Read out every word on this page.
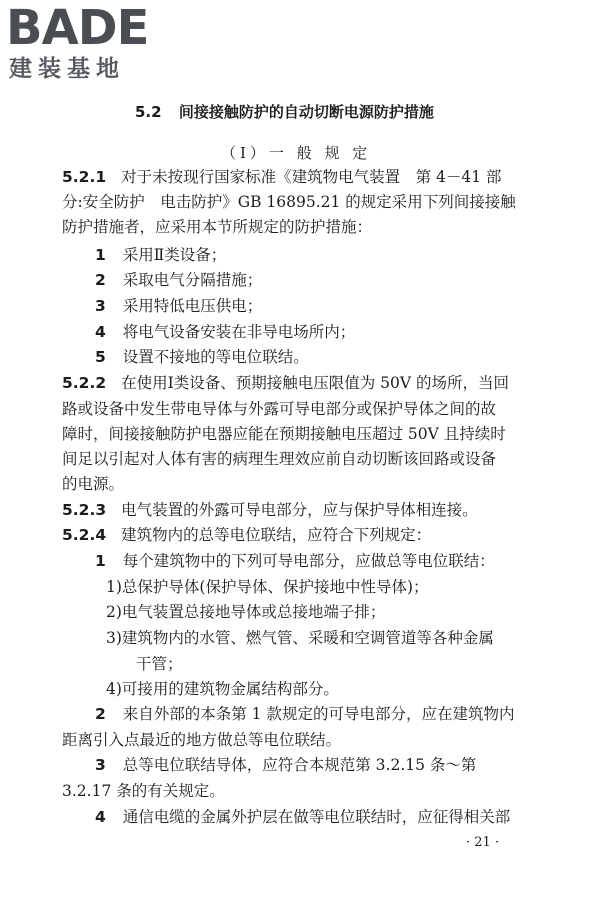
BADE
建装基地
5.2 间接接触防护的自动切断电源防护措施
（Ⅰ）一 般 规 定
5.2.1 对于未按现行国家标准《建筑物电气装置　第 4－41 部
分:安全防护　电击防护》GB 16895.21 的规定采用下列间接接触
防护措施者，应采用本节所规定的防护措施：
1 采用Ⅱ类设备；
2 采取电气分隔措施；
3 采用特低电压供电；
4 将电气设备安装在非导电场所内；
5 设置不接地的等电位联结。
5.2.2 在使用Ⅰ类设备、预期接触电压限值为 50V 的场所，当回
路或设备中发生带电导体与外露可导电部分或保护导体之间的故
障时，间接接触防护电器应能在预期接触电压超过 50V 且持续时
间足以引起对人体有害的病理生理效应前自动切断该回路或设备
的电源。
5.2.3 电气装置的外露可导电部分，应与保护导体相连接。
5.2.4 建筑物内的总等电位联结，应符合下列规定：
1 每个建筑物中的下列可导电部分，应做总等电位联结：
1)总保护导体(保护导体、保护接地中性导体)；
2)电气装置总接地导体或总接地端子排；
3)建筑物内的水管、燃气管、采暖和空调管道等各种金属
干管；
4)可接用的建筑物金属结构部分。
2 来自外部的本条第 1 款规定的可导电部分，应在建筑物内
距离引入点最近的地方做总等电位联结。
3 总等电位联结导体，应符合本规范第 3.2.15 条～第
3.2.17 条的有关规定。
4 通信电缆的金属外护层在做等电位联结时，应征得相关部
· 21 ·
